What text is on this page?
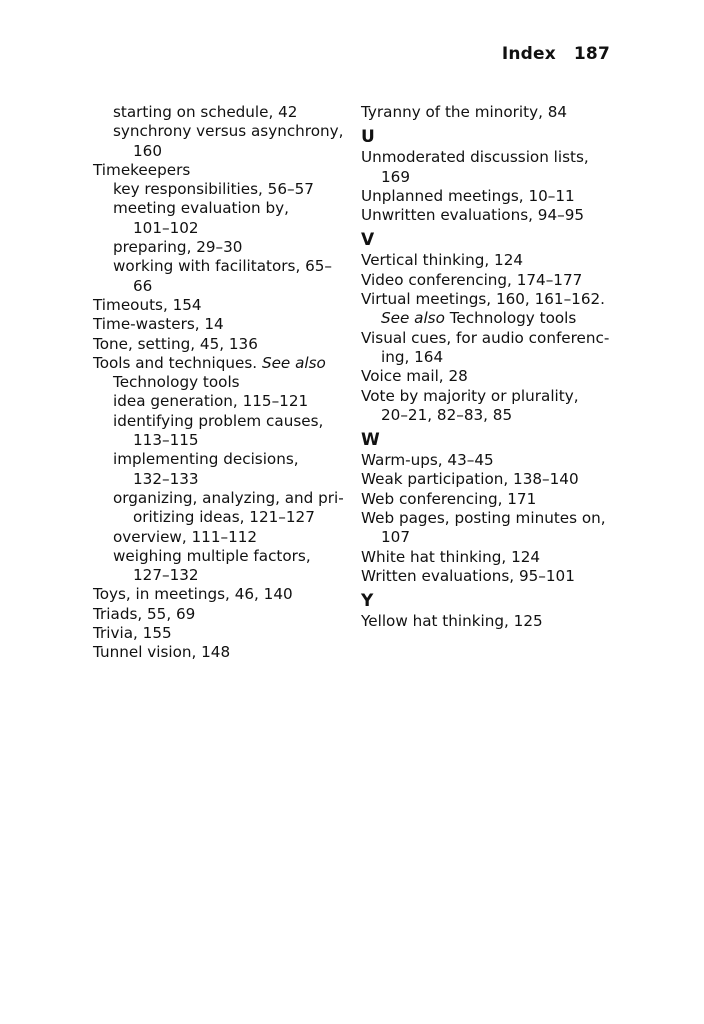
Index 187
starting on schedule, 42
synchrony versus asynchrony,
160
Timekeepers
key responsibilities, 56–57
meeting evaluation by,
101–102
preparing, 29–30
working with facilitators, 65–66
Timeouts, 154
Time-wasters, 14
Tone, setting, 45, 136
Tools and techniques. See also
Technology tools
idea generation, 115–121
identifying problem causes,
113–115
implementing decisions,
132–133
organizing, analyzing, and pri-
oritizing ideas, 121–127
overview, 111–112
weighing multiple factors,
127–132
Toys, in meetings, 46, 140
Triads, 55, 69
Trivia, 155
Tunnel vision, 148
Tyranny of the minority, 84
U
Unmoderated discussion lists,
169
Unplanned meetings, 10–11
Unwritten evaluations, 94–95
V
Vertical thinking, 124
Video conferencing, 174–177
Virtual meetings, 160, 161–162.
See also Technology tools
Visual cues, for audio conferenc-
ing, 164
Voice mail, 28
Vote by majority or plurality,
20–21, 82–83, 85
W
Warm-ups, 43–45
Weak participation, 138–140
Web conferencing, 171
Web pages, posting minutes on,
107
White hat thinking, 124
Written evaluations, 95–101
Y
Yellow hat thinking, 125
